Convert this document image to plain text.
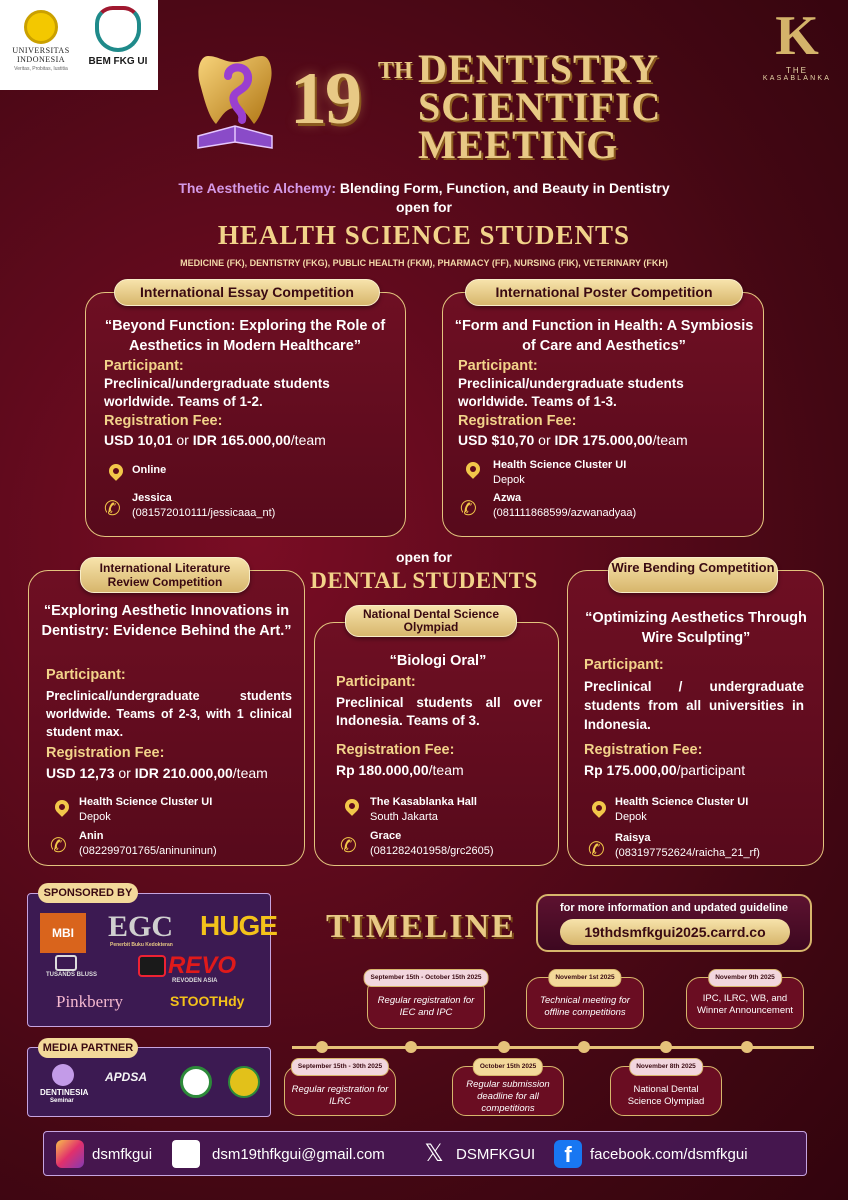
UNIVERSITAS
INDONESIA
Veritas, Probitas, Iustitia
BEM FKG UI	K
THE
KASABLANKA
19 TH DENTISTRY
SCIENTIFIC
MEETING
The Aesthetic Alchemy: Blending Form, Function, and Beauty in Dentistry
open for
HEALTH SCIENCE STUDENTS
MEDICINE (FK), DENTISTRY (FKG), PUBLIC HEALTH (FKM), PHARMACY (FF), NURSING (FIK), VETERINARY (FKH)
International Essay Competition
“Beyond Function: Exploring the Role of Aesthetics in Modern Healthcare”
Participant:
Preclinical/undergraduate students worldwide. Teams of 1-2.
Registration Fee:
USD 10,01 or IDR 165.000,00/team
Online
✆ Jessica
(081572010111/jessicaaa_nt)
International Poster Competition
“Form and Function in Health: A Symbiosis of Care and Aesthetics”
Participant:
Preclinical/undergraduate students worldwide. Teams of 1-3.
Registration Fee:
USD $10,70 or IDR 175.000,00/team
Health Science Cluster UI
Depok
✆ Azwa
(081111868599/azwanadyaa)
open for
DENTAL STUDENTS
International Literature Review Competition
“Exploring Aesthetic Innovations in Dentistry: Evidence Behind the Art.”
Participant:
Preclinical/undergraduate students worldwide. Teams of 2-3, with 1 clinical student max.
Registration Fee:
USD 12,73 or IDR 210.000,00/team
Health Science Cluster UI
Depok
✆ Anin
(082299701765/aninuninun)
National Dental Science Olympiad
“Biologi Oral”
Participant:
Preclinical students all over Indonesia. Teams of 3.
Registration Fee:
Rp 180.000,00/team
The Kasablanka Hall
South Jakarta
✆ Grace
(081282401958/grc2605)
Wire Bending Competition
“Optimizing Aesthetics Through Wire Sculpting”
Participant:
Preclinical / undergraduate students from all universities in Indonesia.
Registration Fee:
Rp 175.000,00/participant
Health Science Cluster UI
Depok
✆
Raisya
(083197752624/raicha_21_rf)
SPONSORED BY
MBI	EGC
Penerbit Buku Kedokteran
HUGE
TUSANDS BLUSS	REVO
REVODEN ASIA
Pinkberry	STOOTHdy
MEDIA PARTNER
DENTINESIA
Seminar
APDSA
TIMELINE	for more information and updated guideline
19thdsmfkgui2025.carrd.co
September 15th - October 15th 2025
Regular registration for IEC and IPC
November 1st 2025
Technical meeting for offline competitions
November 9th 2025
IPC, ILRC, WB, and Winner Announcement
September 15th - 30th 2025
Regular registration for ILRC
October 15th 2025
Regular submission deadline for all competitions
November 8th 2025
National Dental Science Olympiad
dsmfkgui	dsm19thfkgui@gmail.com 𝕏 DSMFKGUI	f	facebook.com/dsmfkgui
